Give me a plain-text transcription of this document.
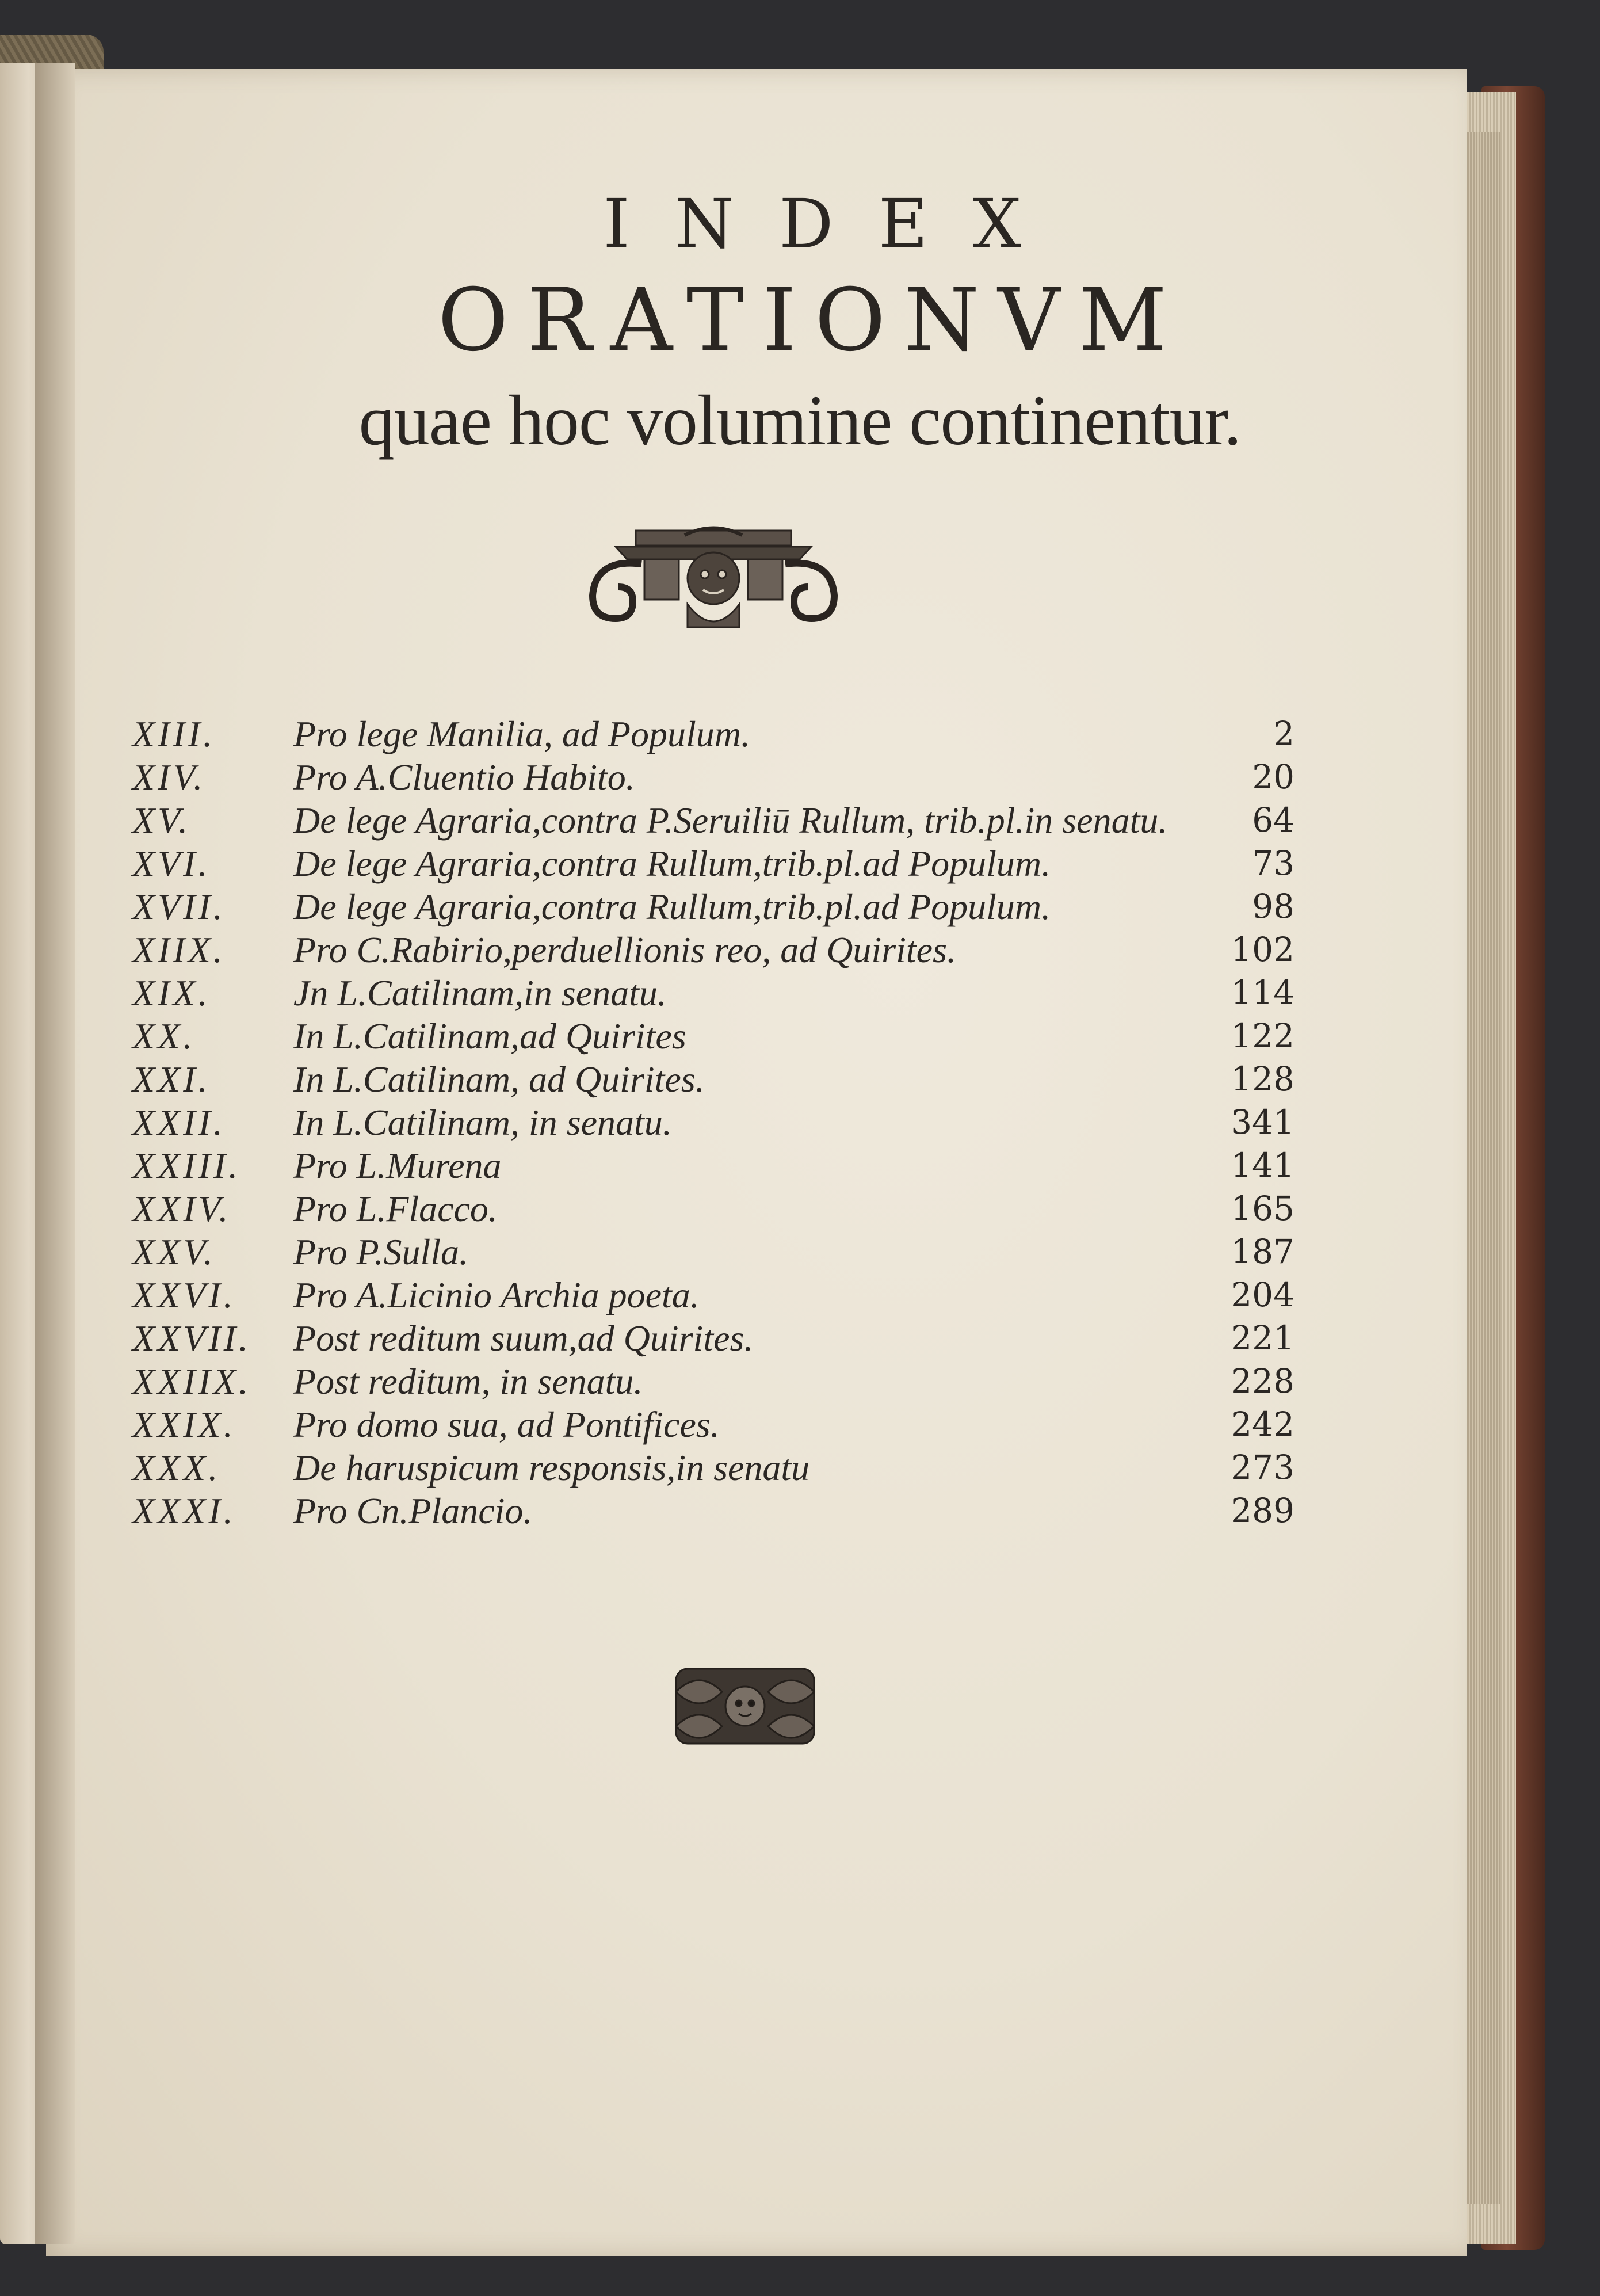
INDEX
ORATIONVM
quae hoc volumine continentur.
XIII. Pro lege Manilia, ad Populum.	2
XIV. Pro A.Cluentio Habito.	20
XV.	De lege Agraria,contra P.Seruiliū Rullum, trib.pl.in senatu.	64
XVI. De lege Agraria,contra Rullum,trib.pl.ad Populum.	73
XVII. De lege Agraria,contra Rullum,trib.pl.ad Populum.	98
XIIX. Pro C.Rabirio,perduellionis reo, ad Quirites.	102
XIX. Jn L.Catilinam,in senatu.	114
XX.	In L.Catilinam,ad Quirites	122
XXI. In L.Catilinam, ad Quirites.	128
XXII. In L.Catilinam, in senatu.	341
XXIII. Pro L.Murena	141
XXIV. Pro L.Flacco.	165
XXV. Pro P.Sulla.	187
XXVI. Pro A.Licinio Archia poeta.	204
XXVII. Post reditum suum,ad Quirites.	221
XXIIX. Post reditum, in senatu.	228
XXIX. Pro domo sua, ad Pontifices.	242
XXX. De haruspicum responsis,in senatu	273
XXXI. Pro Cn.Plancio.	289
